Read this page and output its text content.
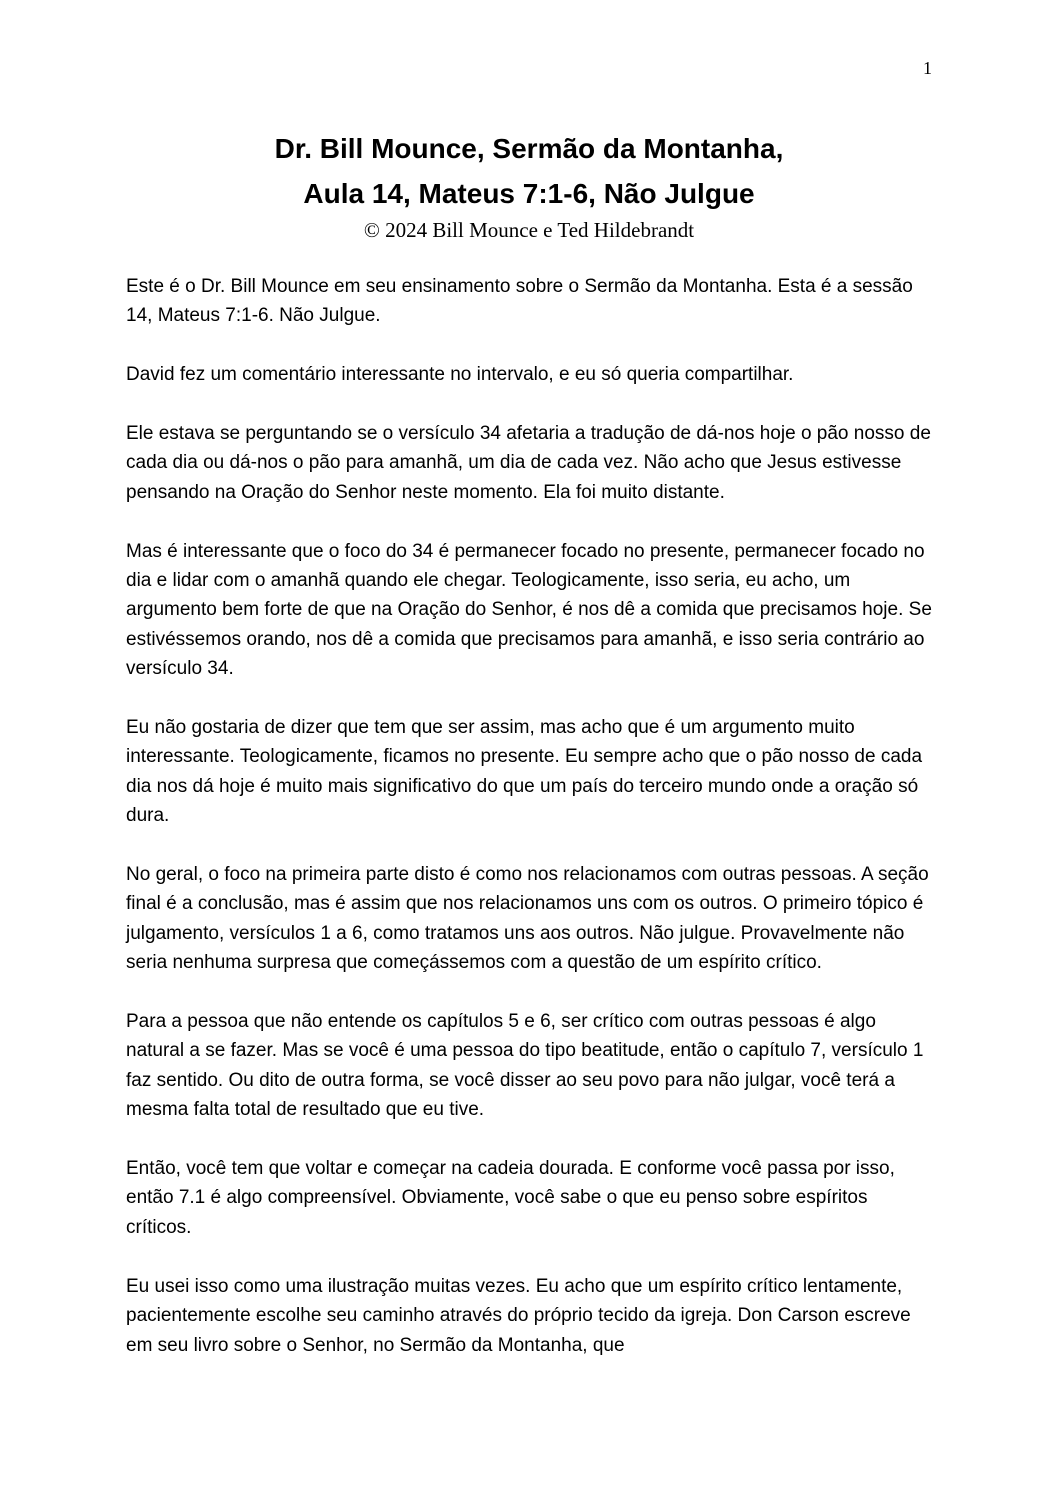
1
Dr. Bill Mounce, Sermão da Montanha,
Aula 14, Mateus 7:1-6, Não Julgue
© 2024 Bill Mounce e Ted Hildebrandt

Este é o Dr. Bill Mounce em seu ensinamento sobre o Sermão da Montanha. Esta é a sessão 14, Mateus 7:1-6. Não Julgue.

David fez um comentário interessante no intervalo, e eu só queria compartilhar.

Ele estava se perguntando se o versículo 34 afetaria a tradução de dá-nos hoje o pão nosso de cada dia ou dá-nos o pão para amanhã, um dia de cada vez. Não acho que Jesus estivesse pensando na Oração do Senhor neste momento. Ela foi muito distante.

Mas é interessante que o foco do 34 é permanecer focado no presente, permanecer focado no dia e lidar com o amanhã quando ele chegar. Teologicamente, isso seria, eu acho, um argumento bem forte de que na Oração do Senhor, é nos dê a comida que precisamos hoje. Se estivéssemos orando, nos dê a comida que precisamos para amanhã, e isso seria contrário ao versículo 34.

Eu não gostaria de dizer que tem que ser assim, mas acho que é um argumento muito interessante. Teologicamente, ficamos no presente. Eu sempre acho que o pão nosso de cada dia nos dá hoje é muito mais significativo do que um país do terceiro mundo onde a oração só dura.

No geral, o foco na primeira parte disto é como nos relacionamos com outras pessoas. A seção final é a conclusão, mas é assim que nos relacionamos uns com os outros. O primeiro tópico é julgamento, versículos 1 a 6, como tratamos uns aos outros. Não julgue. Provavelmente não seria nenhuma surpresa que começássemos com a questão de um espírito crítico.

Para a pessoa que não entende os capítulos 5 e 6, ser crítico com outras pessoas é algo natural a se fazer. Mas se você é uma pessoa do tipo beatitude, então o capítulo 7, versículo 1 faz sentido. Ou dito de outra forma, se você disser ao seu povo para não julgar, você terá a mesma falta total de resultado que eu tive.

Então, você tem que voltar e começar na cadeia dourada. E conforme você passa por isso, então 7.1 é algo compreensível. Obviamente, você sabe o que eu penso sobre espíritos críticos.

Eu usei isso como uma ilustração muitas vezes. Eu acho que um espírito crítico lentamente, pacientemente escolhe seu caminho através do próprio tecido da igreja. Don Carson escreve em seu livro sobre o Senhor, no Sermão da Montanha, que
